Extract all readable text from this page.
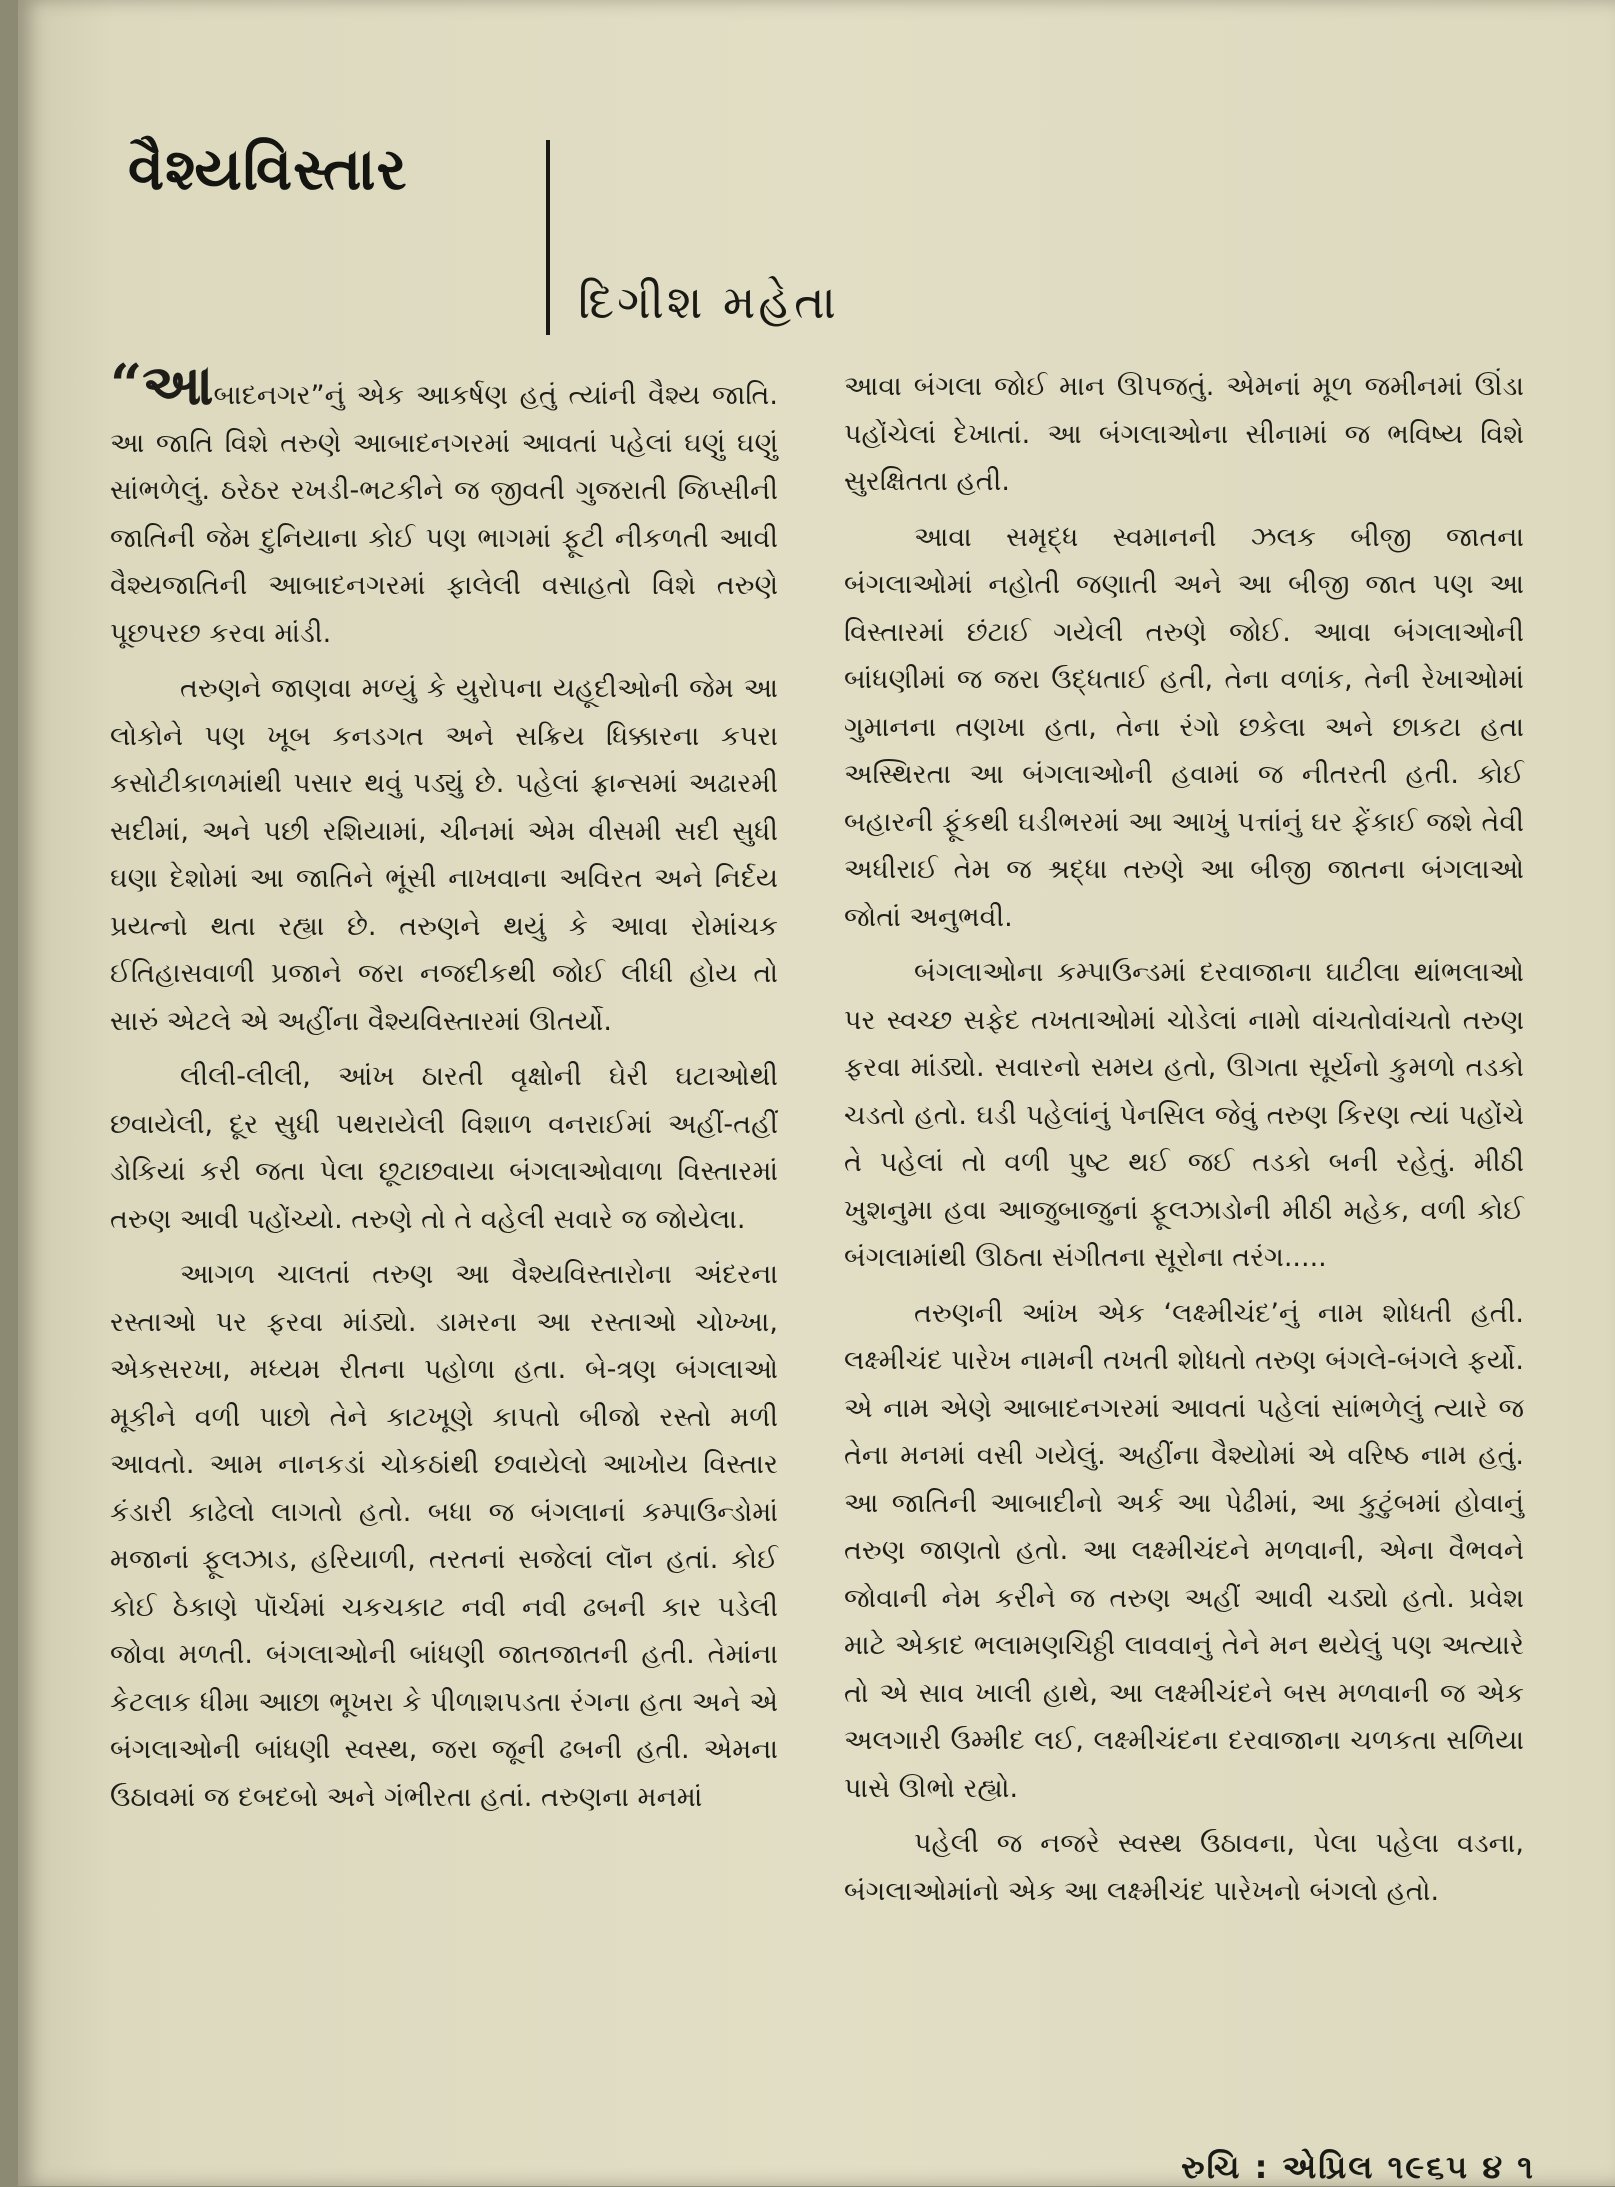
વૈશ્યવિસ્તાર
દિગીશ મહેતા

“આબાદનગર”નું એક આકર્ષણ હતું ત્યાંની વૈશ્ય જાતિ. આ જાતિ વિશે તરુણે આબાદનગરમાં આવતાં પહેલાં ઘણું ઘણું સાંભળેલું. ઠરેઠર રખડી-ભટકીને જ જીવતી ગુજરાતી જિપ્સીની જાતિની જેમ દુનિયાના કોઈ પણ ભાગમાં ફૂટી નીકળતી આવી વૈશ્યજાતિની આબાદનગરમાં ફાલેલી વસાહતો વિશે તરુણે પૂછપરછ કરવા માંડી.

તરુણને જાણવા મળ્યું કે યુરોપના યહૂદીઓની જેમ આ લોકોને પણ ખૂબ કનડગત અને સક્રિય ધિક્કારના કપરા કસોટીકાળમાંથી પસાર થવું પડ્યું છે. પહેલાં ફ્રાન્સમાં અઢારમી સદીમાં, અને પછી રશિયામાં, ચીનમાં એમ વીસમી સદી સુધી ઘણા દેશોમાં આ જાતિને ભૂંસી નાખવાના અવિરત અને નિર્દય પ્રયત્નો થતા રહ્યા છે. તરુણને થયું કે આવા રોમાંચક ઈતિહાસવાળી પ્રજાને જરા નજદીકથી જોઈ લીધી હોય તો સારું એટલે એ અહીંના વૈશ્યવિસ્તારમાં ઊતર્યો.

લીલી-લીલી, આંખ ઠારતી વૃક્ષોની ઘેરી ઘટાઓથી છવાયેલી, દૂર સુધી પથરાયેલી વિશાળ વનરાઈમાં અહીં-તહીં ડોકિયાં કરી જતા પેલા છૂટાછવાયા બંગલાઓવાળા વિસ્તારમાં તરુણ આવી પહોંચ્યો. તરુણે તો તે વહેલી સવારે જ જોયેલા.

આગળ ચાલતાં તરુણ આ વૈશ્યવિસ્તારોના અંદરના રસ્તાઓ પર ફરવા માંડ્યો. ડામરના આ રસ્તાઓ ચોખ્ખા, એકસરખા, મધ્યમ રીતના પહોળા હતા. બે-ત્રણ બંગલાઓ મૂકીને વળી પાછો તેને કાટખૂણે કાપતો બીજો રસ્તો મળી આવતો. આમ નાનકડાં ચોકઠાંથી છવાયેલો આખોય વિસ્તાર કંડારી કાઢેલો લાગતો હતો. બધા જ બંગલાનાં કમ્પાઉન્ડોમાં મજાનાં ફૂલઝાડ, હરિયાળી, તરતનાં સજેલાં લૉન હતાં. કોઈ કોઈ ઠેકાણે પૉર્ચમાં ચકચકાટ નવી નવી ઢબની કાર પડેલી જોવા મળતી. બંગલાઓની બાંધણી જાતજાતની હતી. તેમાંના કેટલાક ધીમા આછા ભૂખરા કે પીળાશપડતા રંગના હતા અને એ બંગલાઓની બાંધણી સ્વસ્થ, જરા જૂની ઢબની હતી. એમના ઉઠાવમાં જ દબદબો અને ગંભીરતા હતાં. તરુણના મનમાં

આવા બંગલા જોઈ માન ઊપજતું. એમનાં મૂળ જમીનમાં ઊંડા પહોંચેલાં દેખાતાં. આ બંગલાઓના સીનામાં જ ભવિષ્ય વિશે સુરક્ષિતતા હતી.

આવા સમૃદ્ધ સ્વમાનની ઝલક બીજી જાતના બંગલાઓમાં નહોતી જણાતી અને આ બીજી જાત પણ આ વિસ્તારમાં છંટાઈ ગયેલી તરુણે જોઈ. આવા બંગલાઓની બાંધણીમાં જ જરા ઉદ્ધતાઈ હતી, તેના વળાંક, તેની રેખાઓમાં ગુમાનના તણખા હતા, તેના રંગો છકેલા અને છાકટા હતા અસ્થિરતા આ બંગલાઓની હવામાં જ નીતરતી હતી. કોઈ બહારની ફૂંકથી ઘડીભરમાં આ આખું પત્તાંનું ઘર ફેંકાઈ જશે તેવી અધીરાઈ તેમ જ શ્રદ્ધા તરુણે આ બીજી જાતના બંગલાઓ જોતાં અનુભવી.

બંગલાઓના કમ્પાઉન્ડમાં દરવાજાના ઘાટીલા થાંભલાઓ પર સ્વચ્છ સફેદ તખતાઓમાં ચોડેલાં નામો વાંચતોવાંચતો તરુણ ફરવા માંડ્યો. સવારનો સમય હતો, ઊગતા સૂર્યનો કુમળો તડકો ચડતો હતો. ઘડી પહેલાંનું પેનસિલ જેવું તરુણ કિરણ ત્યાં પહોંચે તે પહેલાં તો વળી પુષ્ટ થઈ જઈ તડકો બની રહેતું. મીઠી ખુશનુમા હવા આજુબાજુનાં ફૂલઝાડોની મીઠી મહેક, વળી કોઈ બંગલામાંથી ઊઠતા સંગીતના સૂરોના તરંગ.....

તરુણની આંખ એક ‘લક્ષ્મીચંદ’નું નામ શોધતી હતી. લક્ષ્મીચંદ પારેખ નામની તખતી શોધતો તરુણ બંગલે-બંગલે ફર્યો. એ નામ એણે આબાદનગરમાં આવતાં પહેલાં સાંભળેલું ત્યારે જ તેના મનમાં વસી ગયેલું. અહીંના વૈશ્યોમાં એ વરિષ્ઠ નામ હતું. આ જાતિની આબાદીનો અર્ક આ પેઢીમાં, આ કુટુંબમાં હોવાનું તરુણ જાણતો હતો. આ લક્ષ્મીચંદને મળવાની, એના વૈભવને જોવાની નેમ કરીને જ તરુણ અહીં આવી ચડ્યો હતો. પ્રવેશ માટે એકાદ ભલામણચિઠ્ઠી લાવવાનું તેને મન થયેલું પણ અત્યારે તો એ સાવ ખાલી હાથે, આ લક્ષ્મીચંદને બસ મળવાની જ એક અલગારી ઉમ્મીદ લઈ, લક્ષ્મીચંદના દરવાજાના ચળકતા સળિયા પાસે ઊભો રહ્યો.

પહેલી જ નજરે સ્વસ્થ ઉઠાવના, પેલા પહેલા વડના, બંગલાઓમાંનો એક આ લક્ષ્મીચંદ પારેખનો બંગલો હતો.

રુચિ : એપ્રિલ ૧૯૬૫ ૪ ૧
